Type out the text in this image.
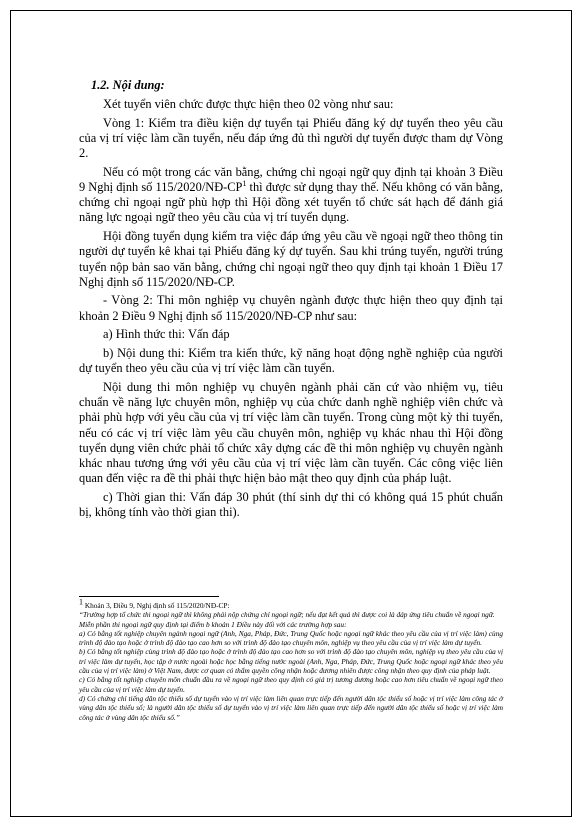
1.2. Nội dung:

Xét tuyển viên chức được thực hiện theo 02 vòng như sau:

Vòng 1: Kiểm tra điều kiện dự tuyển tại Phiếu đăng ký dự tuyển theo yêu cầu của vị trí việc làm cần tuyển, nếu đáp ứng đủ thì người dự tuyển được tham dự Vòng 2.

Nếu có một trong các văn bằng, chứng chỉ ngoại ngữ quy định tại khoản 3 Điều 9 Nghị định số $115/2020/NĐ-CP^1$ thì được sử dụng thay thế. Nếu không có văn bằng, chứng chỉ ngoại ngữ phù hợp thì Hội đồng xét tuyển tổ chức sát hạch để đánh giá năng lực ngoại ngữ theo yêu cầu của vị trí tuyển dụng.

Hội đồng tuyển dụng kiểm tra việc đáp ứng yêu cầu về ngoại ngữ theo thông tin người dự tuyển kê khai tại Phiếu đăng ký dự tuyển. Sau khi trúng tuyển, người trúng tuyển nộp bản sao văn bằng, chứng chỉ ngoại ngữ theo quy định tại khoản 1 Điều 17 Nghị định số 115/2020/NĐ-CP.

- Vòng 2: Thi môn nghiệp vụ chuyên ngành được thực hiện theo quy định tại khoản 2 Điều 9 Nghị định số 115/2020/NĐ-CP như sau:

a) Hình thức thi: Vấn đáp

b) Nội dung thi: Kiểm tra kiến thức, kỹ năng hoạt động nghề nghiệp của người dự tuyển theo yêu cầu của vị trí việc làm cần tuyển.

Nội dung thi môn nghiệp vụ chuyên ngành phải căn cứ vào nhiệm vụ, tiêu chuẩn về năng lực chuyên môn, nghiệp vụ của chức danh nghề nghiệp viên chức và phải phù hợp với yêu cầu của vị trí việc làm cần tuyển. Trong cùng một kỳ thi tuyển, nếu có các vị trí việc làm yêu cầu chuyên môn, nghiệp vụ khác nhau thì Hội đồng tuyển dụng viên chức phải tổ chức xây dựng các đề thi môn nghiệp vụ chuyên ngành khác nhau tương ứng với yêu cầu của vị trí việc làm cần tuyển. Các công việc liên quan đến việc ra đề thi phải thực hiện bảo mật theo quy định của pháp luật.

c) Thời gian thi: Vấn đáp 30 phút (thí sinh dự thi có không quá 15 phút chuẩn bị, không tính vào thời gian thi).

$^1$ Khoản 3, Điều 9, Nghị định số 115/2020/NĐ-CP:

“Trường hợp tổ chức thi ngoại ngữ thì không phải nộp chứng chỉ ngoại ngữ; nếu đạt kết quả thì được coi là đáp ứng tiêu chuẩn về ngoại ngữ.

Miễn phần thi ngoại ngữ quy định tại điểm b khoản 1 Điều này đối với các trường hợp sau:

a) Có bằng tốt nghiệp chuyên ngành ngoại ngữ (Anh, Nga, Pháp, Đức, Trung Quốc hoặc ngoại ngữ khác theo yêu cầu của vị trí việc làm) cùng trình độ đào tạo hoặc ở trình độ đào tạo cao hơn so với trình độ đào tạo chuyên môn, nghiệp vụ theo yêu cầu của vị trí việc làm dự tuyển.

b) Có bằng tốt nghiệp cùng trình độ đào tạo hoặc ở trình độ đào tạo cao hơn so với trình độ đào tạo chuyên môn, nghiệp vụ theo yêu cầu của vị trí việc làm dự tuyển, học tập ở nước ngoài hoặc học bằng tiếng nước ngoài (Anh, Nga, Pháp, Đức, Trung Quốc hoặc ngoại ngữ khác theo yêu cầu của vị trí việc làm) ở Việt Nam, được cơ quan có thẩm quyền công nhận hoặc đương nhiên được công nhận theo quy định của pháp luật.

c) Có bằng tốt nghiệp chuyên môn chuẩn đầu ra về ngoại ngữ theo quy định có giá trị tương đương hoặc cao hơn tiêu chuẩn về ngoại ngữ theo yêu cầu của vị trí việc làm dự tuyển.

d) Có chứng chỉ tiếng dân tộc thiểu số dự tuyển vào vị trí việc làm liên quan trực tiếp đến người dân tộc thiểu số hoặc vị trí việc làm công tác ở vùng dân tộc thiểu số; là người dân tộc thiểu số dự tuyển vào vị trí việc làm liên quan trực tiếp đến người dân tộc thiểu số hoặc vị trí việc làm công tác ở vùng dân tộc thiểu số.”
